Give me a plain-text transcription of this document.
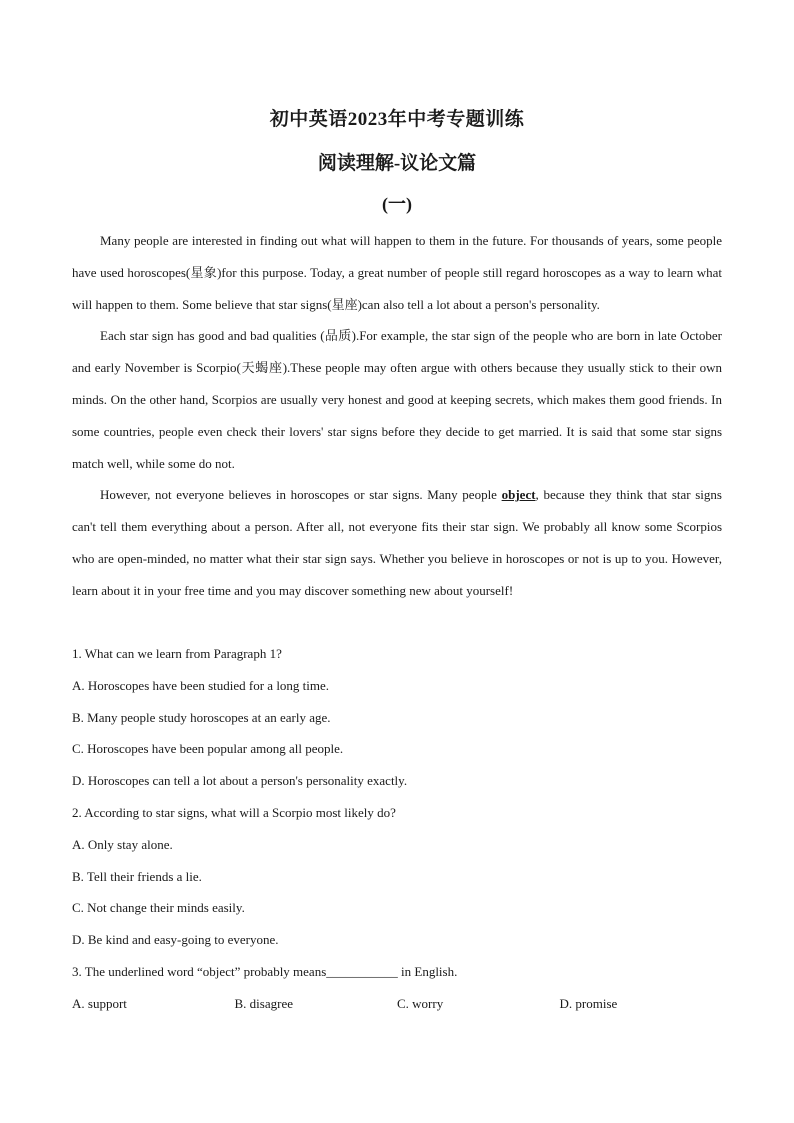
初中英语2023年中考专题训练
阅读理解-议论文篇
(一)

Many people are interested in finding out what will happen to them in the future. For thousands of years, some people have used horoscopes(星象)for this purpose. Today, a great number of people still regard horoscopes as a way to learn what will happen to them. Some believe that star signs(星座)can also tell a lot about a person's personality.

Each star sign has good and bad qualities (品质).For example, the star sign of the people who are born in late October and early November is Scorpio(天蝎座).These people may often argue with others because they usually stick to their own minds. On the other hand, Scorpios are usually very honest and good at keeping secrets, which makes them good friends. In some countries, people even check their lovers' star signs before they decide to get married. It is said that some star signs match well, while some do not.

However, not everyone believes in horoscopes or star signs. Many people object, because they think that star signs can't tell them everything about a person. After all, not everyone fits their star sign. We probably all know some Scorpios who are open-minded, no matter what their star sign says. Whether you believe in horoscopes or not is up to you. However, learn about it in your free time and you may discover something new about yourself!

1. What can we learn from Paragraph 1?
A. Horoscopes have been studied for a long time.
B. Many people study horoscopes at an early age.
C. Horoscopes have been popular among all people.
D. Horoscopes can tell a lot about a person's personality exactly.
2. According to star signs, what will a Scorpio most likely do?
A. Only stay alone.
B. Tell their friends a lie.
C. Not change their minds easily.
D. Be kind and easy-going to everyone.
3. The underlined word “object” probably means___________ in English.
A. support	B. disagree	C. worry	D. promise
